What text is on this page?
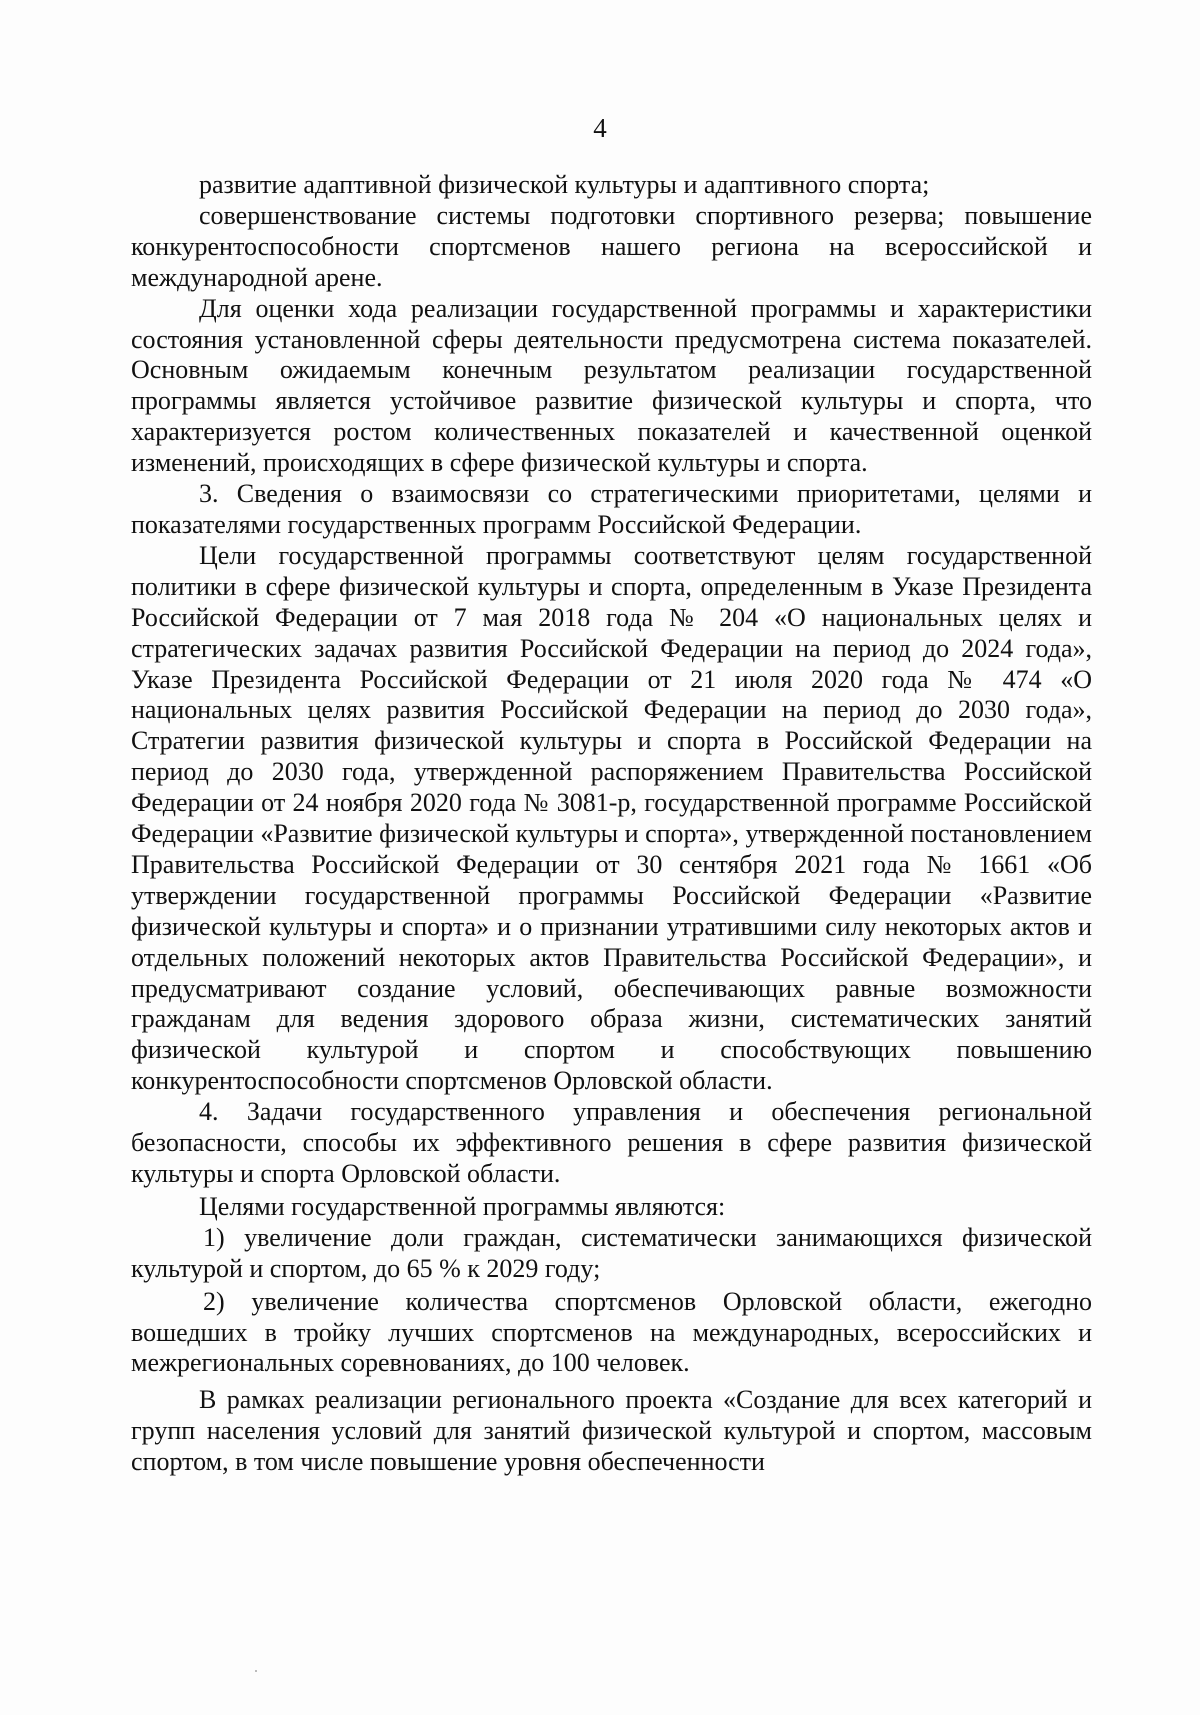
4

развитие адаптивной физической культуры и адаптивного спорта;

совершенствование системы подготовки спортивного резерва; повышение конкурентоспособности спортсменов нашего региона на всероссийской и международной арене.

Для оценки хода реализации государственной программы и характеристики состояния установленной сферы деятельности предусмотрена система показателей. Основным ожидаемым конечным результатом реализации государственной программы является устойчивое развитие физической культуры и спорта, что характеризуется ростом количественных показателей и качественной оценкой изменений, происходящих в сфере физической культуры и спорта.

3. Сведения о взаимосвязи со стратегическими приоритетами, целями и показателями государственных программ Российской Федерации.

Цели государственной программы соответствуют целям государственной политики в сфере физической культуры и спорта, определенным в Указе Президента Российской Федерации от 7 мая 2018 года № 204 «О национальных целях и стратегических задачах развития Российской Федерации на период до 2024 года», Указе Президента Российской Федерации от 21 июля 2020 года № 474 «О национальных целях развития Российской Федерации на период до 2030 года», Стратегии развития физической культуры и спорта в Российской Федерации на период до 2030 года, утвержденной распоряжением Правительства Российской Федерации от 24 ноября 2020 года № 3081-р, государственной программе Российской Федерации «Развитие физической культуры и спорта», утвержденной постановлением Правительства Российской Федерации от 30 сентября 2021 года № 1661 «Об утверждении государственной программы Российской Федерации «Развитие физической культуры и спорта» и о признании утратившими силу некоторых актов и отдельных положений некоторых актов Правительства Российской Федерации», и предусматривают создание условий, обеспечивающих равные возможности гражданам для ведения здорового образа жизни, систематических занятий физической культурой и спортом и способствующих повышению конкурентоспособности спортсменов Орловской области.

4. Задачи государственного управления и обеспечения региональной безопасности, способы их эффективного решения в сфере развития физической культуры и спорта Орловской области.

Целями государственной программы являются:

1) увеличение доли граждан, систематически занимающихся физической культурой и спортом, до 65 % к 2029 году;

2) увеличение количества спортсменов Орловской области, ежегодно вошедших в тройку лучших спортсменов на международных, всероссийских и межрегиональных соревнованиях, до 100 человек.

В рамках реализации регионального проекта «Создание для всех категорий и групп населения условий для занятий физической культурой и спортом, массовым спортом, в том числе повышение уровня обеспеченности
